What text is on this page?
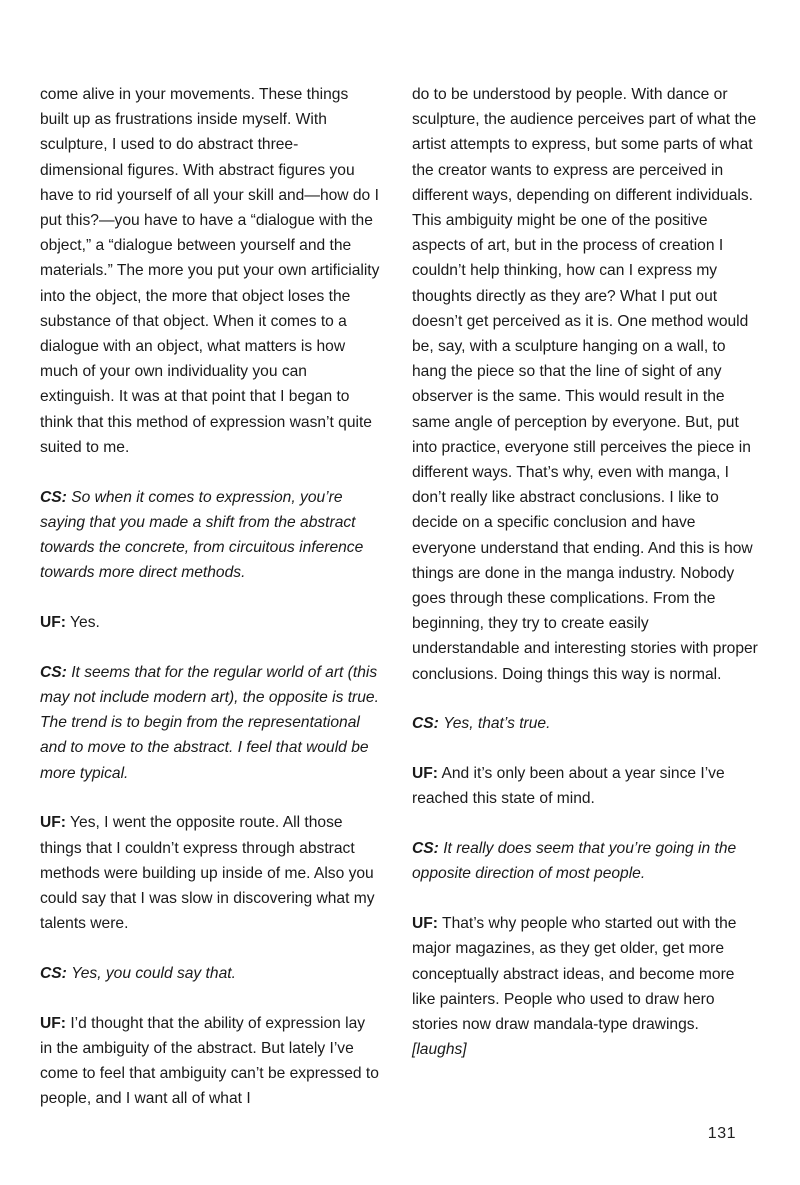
come alive in your movements. These things built up as frustrations inside myself. With sculpture, I used to do abstract three-dimensional figures. With abstract figures you have to rid yourself of all your skill and—how do I put this?—you have to have a “dialogue with the object,” a “dialogue between yourself and the materials.” The more you put your own artificiality into the object, the more that object loses the substance of that object. When it comes to a dialogue with an object, what matters is how much of your own individuality you can extinguish. It was at that point that I began to think that this method of expression wasn’t quite suited to me.

CS: So when it comes to expression, you’re saying that you made a shift from the abstract towards the concrete, from circuitous inference towards more direct methods.

UF: Yes.

CS: It seems that for the regular world of art (this may not include modern art), the opposite is true. The trend is to begin from the representational and to move to the abstract. I feel that would be more typical.

UF: Yes, I went the opposite route. All those things that I couldn’t express through abstract methods were building up inside of me. Also you could say that I was slow in discovering what my talents were.

CS: Yes, you could say that.

UF: I’d thought that the ability of expression lay in the ambiguity of the abstract. But lately I’ve come to feel that ambiguity can’t be expressed to people, and I want all of what I

do to be understood by people. With dance or sculpture, the audience perceives part of what the artist attempts to express, but some parts of what the creator wants to express are perceived in different ways, depending on different individuals. This ambiguity might be one of the positive aspects of art, but in the process of creation I couldn’t help thinking, how can I express my thoughts directly as they are? What I put out doesn’t get perceived as it is. One method would be, say, with a sculpture hanging on a wall, to hang the piece so that the line of sight of any observer is the same. This would result in the same angle of perception by everyone. But, put into practice, everyone still perceives the piece in different ways. That’s why, even with manga, I don’t really like abstract conclusions. I like to decide on a specific conclusion and have everyone understand that ending. And this is how things are done in the manga industry. Nobody goes through these complications. From the beginning, they try to create easily understandable and interesting stories with proper conclusions. Doing things this way is normal.

CS: Yes, that’s true.

UF: And it’s only been about a year since I’ve reached this state of mind.

CS: It really does seem that you’re going in the opposite direction of most people.

UF: That’s why people who started out with the major magazines, as they get older, get more conceptually abstract ideas, and become more like painters. People who used to draw hero stories now draw mandala-type drawings.
[laughs]

131
